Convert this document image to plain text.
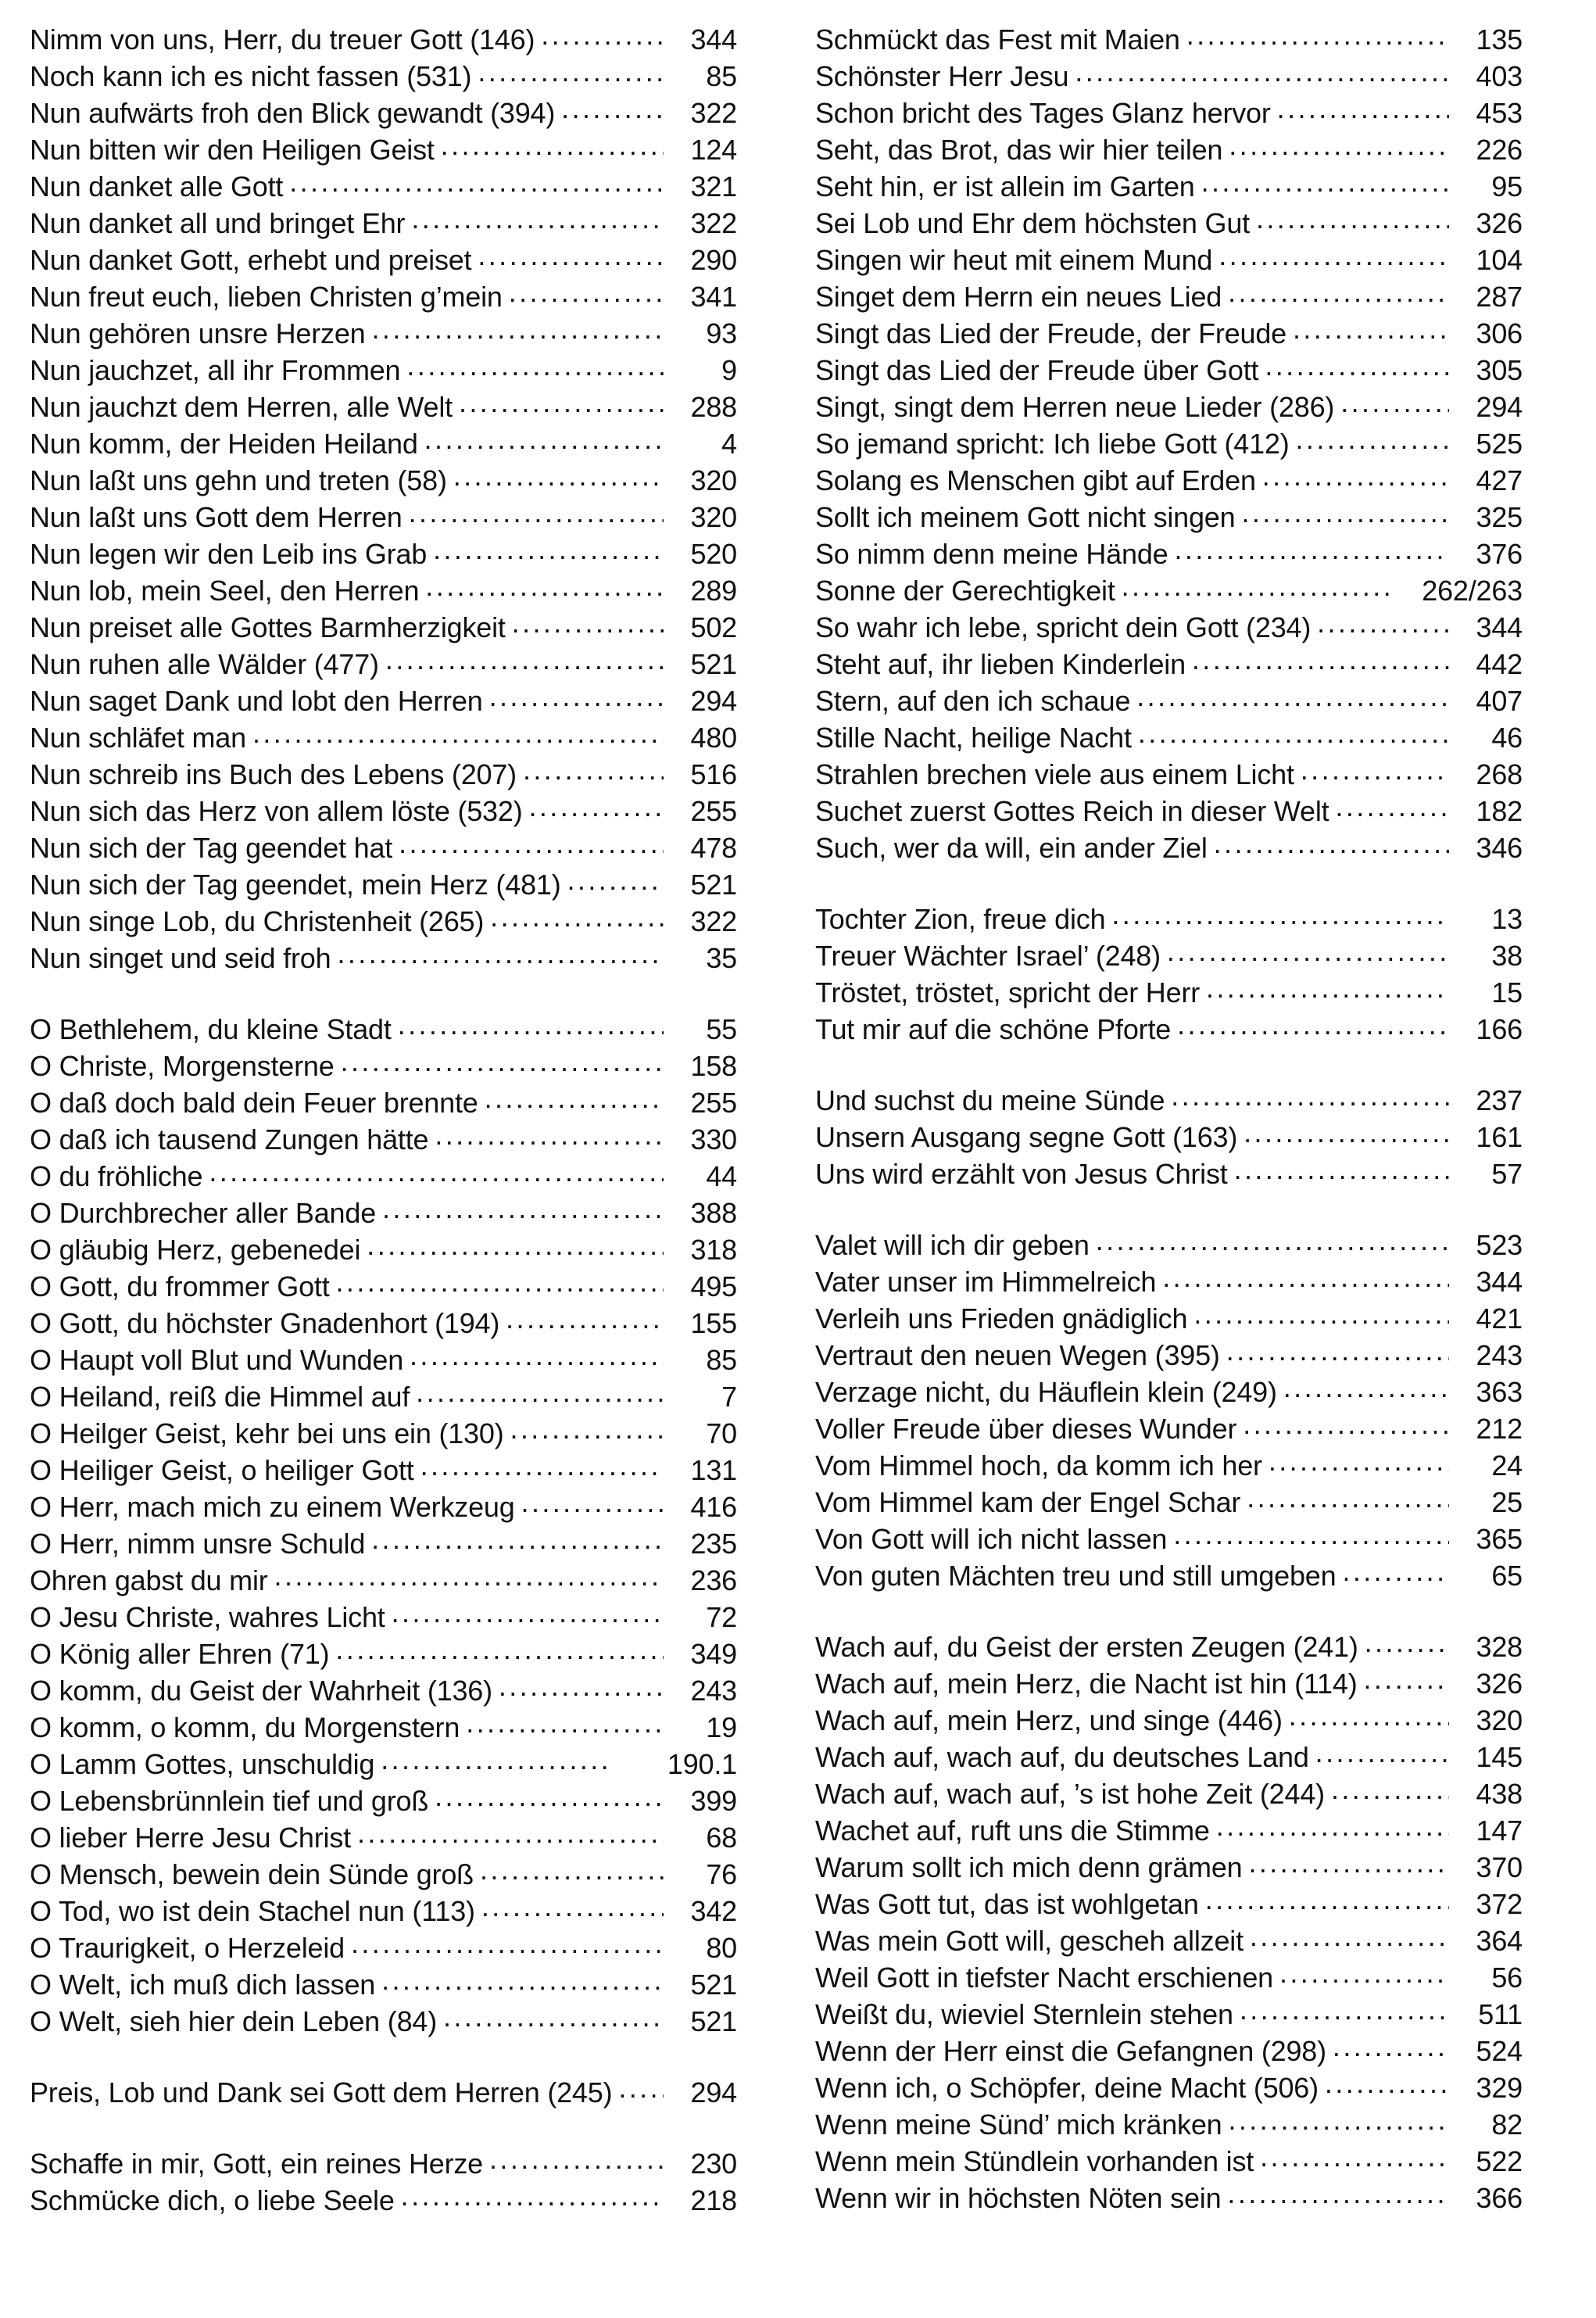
Nimm von uns, Herr, du treuer Gott (146) .....	344
Noch kann ich es nicht fassen (531) .....	85
Nun aufwärts froh den Blick gewandt (394) .....	322
Nun bitten wir den Heiligen Geist .....	124
Nun danket alle Gott .....	321
Nun danket all und bringet Ehr .....	322
Nun danket Gott, erhebt und preiset .....	290
Nun freut euch, lieben Christen g’mein .....	341
Nun gehören unsre Herzen .....	93
Nun jauchzet, all ihr Frommen .....	9
Nun jauchzt dem Herren, alle Welt .....	288
Nun komm, der Heiden Heiland .....	4
Nun laßt uns gehn und treten (58) .....	320
Nun laßt uns Gott dem Herren .....	320
Nun legen wir den Leib ins Grab .....	520
Nun lob, mein Seel, den Herren .....	289
Nun preiset alle Gottes Barmherzigkeit .....	502
Nun ruhen alle Wälder (477) .....	521
Nun saget Dank und lobt den Herren .....	294
Nun schläfet man .....	480
Nun schreib ins Buch des Lebens (207) .....	516
Nun sich das Herz von allem löste (532) .....	255
Nun sich der Tag geendet hat .....	478
Nun sich der Tag geendet, mein Herz (481) .....	521
Nun singe Lob, du Christenheit (265) .....	322
Nun singet und seid froh .....	35
O Bethlehem, du kleine Stadt .....	55
O Christe, Morgensterne .....	158
O daß doch bald dein Feuer brennte .....	255
O daß ich tausend Zungen hätte .....	330
O du fröhliche .....	44
O Durchbrecher aller Bande .....	388
O gläubig Herz, gebenedei .....	318
O Gott, du frommer Gott .....	495
O Gott, du höchster Gnadenhort (194) .....	155
O Haupt voll Blut und Wunden .....	85
O Heiland, reiß die Himmel auf .....	7
O Heilger Geist, kehr bei uns ein (130) .....	70
O Heiliger Geist, o heiliger Gott .....	131
O Herr, mach mich zu einem Werkzeug .....	416
O Herr, nimm unsre Schuld .....	235
Ohren gabst du mir .....	236
O Jesu Christe, wahres Licht .....	72
O König aller Ehren (71) .....	349
O komm, du Geist der Wahrheit (136) .....	243
O komm, o komm, du Morgenstern .....	19
O Lamm Gottes, unschuldig .....	190.1
O Lebensbrünnlein tief und groß .....	399
O lieber Herre Jesu Christ .....	68
O Mensch, bewein dein Sünde groß .....	76
O Tod, wo ist dein Stachel nun (113) .....	342
O Traurigkeit, o Herzeleid .....	80
O Welt, ich muß dich lassen .....	521
O Welt, sieh hier dein Leben (84) .....	521
Preis, Lob und Dank sei Gott dem Herren (245) .....	294
Schaffe in mir, Gott, ein reines Herze .....	230
Schmücke dich, o liebe Seele .....	218
Schmückt das Fest mit Maien .....	135
Schönster Herr Jesu .....	403
Schon bricht des Tages Glanz hervor .....	453
Seht, das Brot, das wir hier teilen .....	226
Seht hin, er ist allein im Garten .....	95
Sei Lob und Ehr dem höchsten Gut .....	326
Singen wir heut mit einem Mund .....	104
Singet dem Herrn ein neues Lied .....	287
Singt das Lied der Freude, der Freude .....	306
Singt das Lied der Freude über Gott .....	305
Singt, singt dem Herren neue Lieder (286) .....	294
So jemand spricht: Ich liebe Gott (412) .....	525
Solang es Menschen gibt auf Erden .....	427
Sollt ich meinem Gott nicht singen .....	325
So nimm denn meine Hände .....	376
Sonne der Gerechtigkeit .....	262/263
So wahr ich lebe, spricht dein Gott (234) .....	344
Steht auf, ihr lieben Kinderlein .....	442
Stern, auf den ich schaue .....	407
Stille Nacht, heilige Nacht .....	46
Strahlen brechen viele aus einem Licht .....	268
Suchet zuerst Gottes Reich in dieser Welt .....	182
Such, wer da will, ein ander Ziel .....	346
Tochter Zion, freue dich .....	13
Treuer Wächter Israel’ (248) .....	38
Tröstet, tröstet, spricht der Herr .....	15
Tut mir auf die schöne Pforte .....	166
Und suchst du meine Sünde .....	237
Unsern Ausgang segne Gott (163) .....	161
Uns wird erzählt von Jesus Christ .....	57
Valet will ich dir geben .....	523
Vater unser im Himmelreich .....	344
Verleih uns Frieden gnädiglich .....	421
Vertraut den neuen Wegen (395) .....	243
Verzage nicht, du Häuflein klein (249) .....	363
Voller Freude über dieses Wunder .....	212
Vom Himmel hoch, da komm ich her .....	24
Vom Himmel kam der Engel Schar .....	25
Von Gott will ich nicht lassen .....	365
Von guten Mächten treu und still umgeben .....	65
Wach auf, du Geist der ersten Zeugen (241) .....	328
Wach auf, mein Herz, die Nacht ist hin (114) .....	326
Wach auf, mein Herz, und singe (446) .....	320
Wach auf, wach auf, du deutsches Land .....	145
Wach auf, wach auf, ’s ist hohe Zeit (244) .....	438
Wachet auf, ruft uns die Stimme .....	147
Warum sollt ich mich denn grämen .....	370
Was Gott tut, das ist wohlgetan .....	372
Was mein Gott will, gescheh allzeit .....	364
Weil Gott in tiefster Nacht erschienen .....	56
Weißt du, wieviel Sternlein stehen .....	511
Wenn der Herr einst die Gefangnen (298) .....	524
Wenn ich, o Schöpfer, deine Macht (506) .....	329
Wenn meine Sünd’ mich kränken .....	82
Wenn mein Stündlein vorhanden ist .....	522
Wenn wir in höchsten Nöten sein .....	366
